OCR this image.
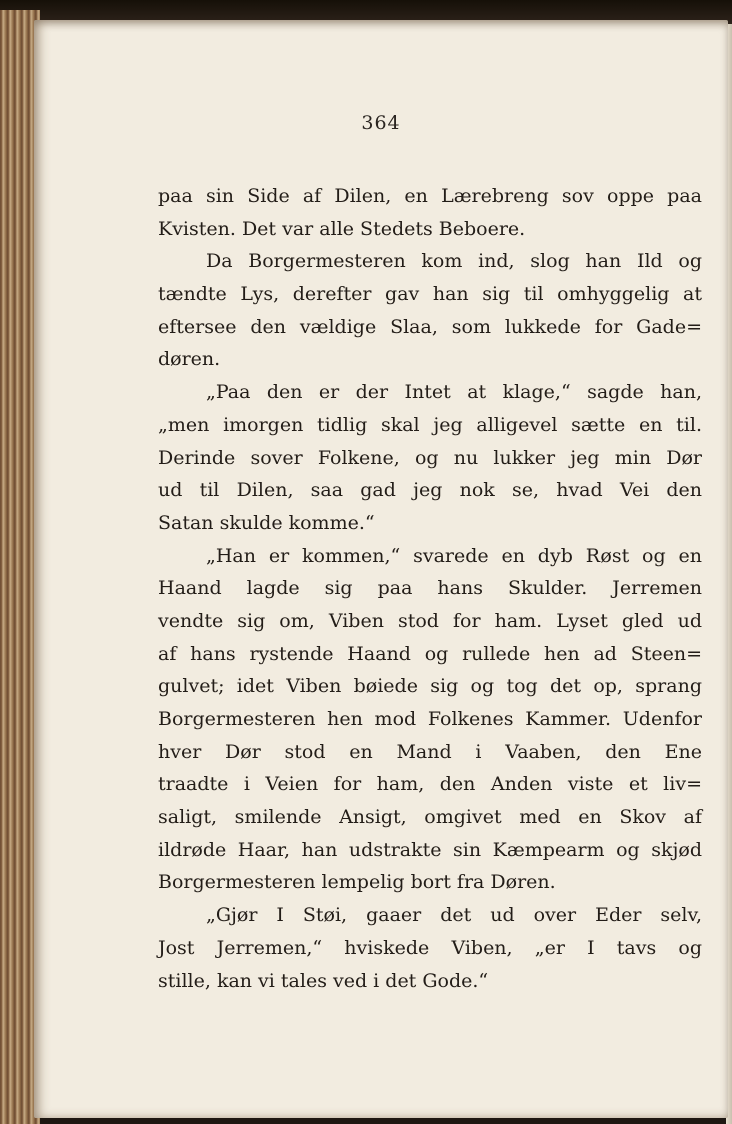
364
paa sin Side af Dilen, en Lærebreng sov oppe paa
Kvisten. Det var alle Stedets Beboere.
Da Borgermesteren kom ind, slog han Ild og
tændte Lys, derefter gav han sig til omhyggelig at
eftersee den vældige Slaa, som lukkede for Gade=
døren.
„Paa den er der Intet at klage,“ sagde han,
„men imorgen tidlig skal jeg alligevel sætte en til.
Derinde sover Folkene, og nu lukker jeg min Dør
ud til Dilen, saa gad jeg nok se, hvad Vei den
Satan skulde komme.“
„Han er kommen,“ svarede en dyb Røst og en
Haand lagde sig paa hans Skulder. Jerremen
vendte sig om, Viben stod for ham. Lyset gled ud
af hans rystende Haand og rullede hen ad Steen=
gulvet; idet Viben bøiede sig og tog det op, sprang
Borgermesteren hen mod Folkenes Kammer. Udenfor
hver Dør stod en Mand i Vaaben, den Ene
traadte i Veien for ham, den Anden viste et liv=
saligt, smilende Ansigt, omgivet med en Skov af
ildrøde Haar, han udstrakte sin Kæmpearm og skjød
Borgermesteren lempelig bort fra Døren.
„Gjør I Støi, gaaer det ud over Eder selv,
Jost Jerremen,“ hviskede Viben, „er I tavs og
stille, kan vi tales ved i det Gode.“
